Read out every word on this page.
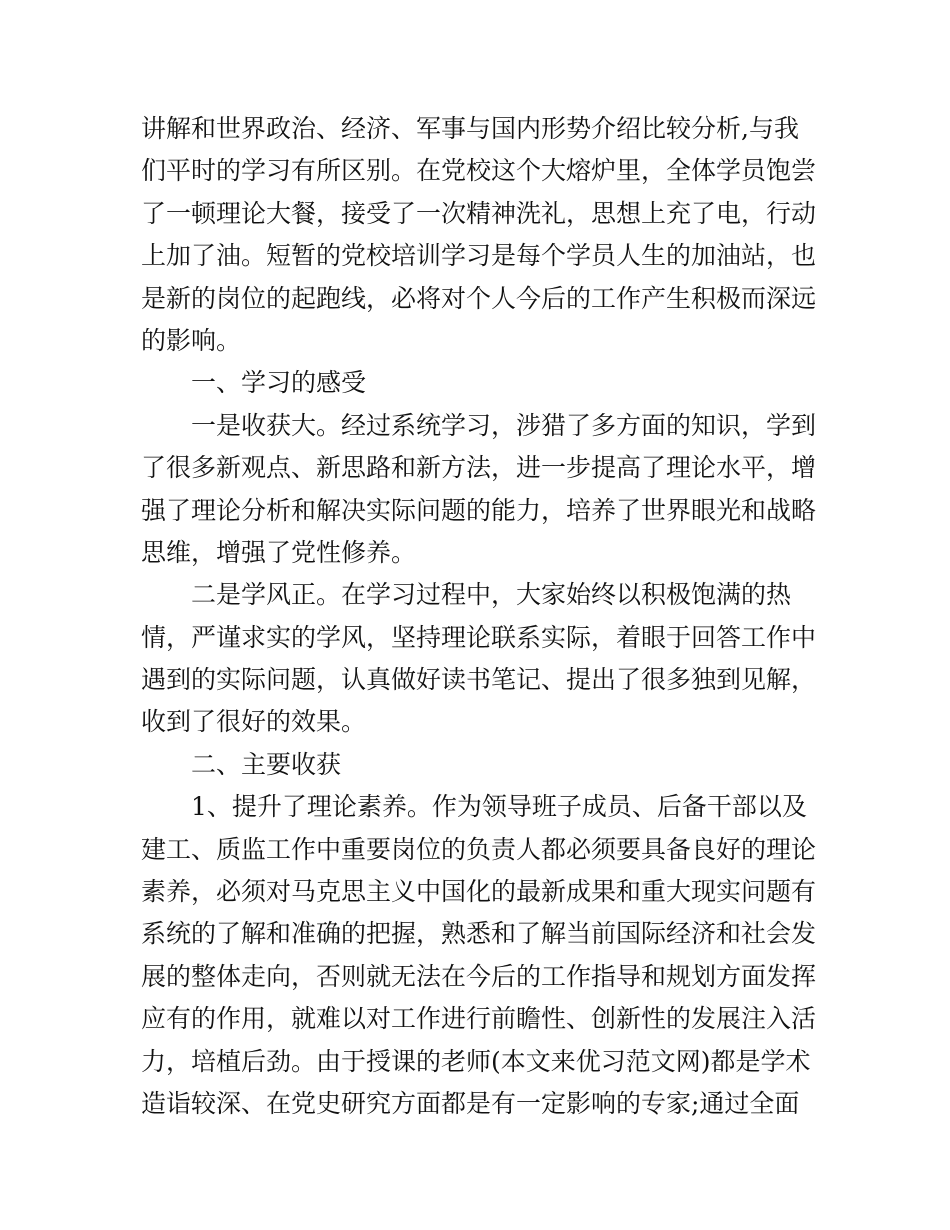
讲解和世界政治、经济、军事与国内形势介绍比较分析,与我
们平时的学习有所区别。在党校这个大熔炉里，全体学员饱尝
了一顿理论大餐，接受了一次精神洗礼，思想上充了电，行动
上加了油。短暂的党校培训学习是每个学员人生的加油站，也
是新的岗位的起跑线，必将对个人今后的工作产生积极而深远
的影响。
一、学习的感受
一是收获大。经过系统学习，涉猎了多方面的知识，学到
了很多新观点、新思路和新方法，进一步提高了理论水平，增
强了理论分析和解决实际问题的能力，培养了世界眼光和战略
思维，增强了党性修养。
二是学风正。在学习过程中，大家始终以积极饱满的热
情，严谨求实的学风，坚持理论联系实际，着眼于回答工作中
遇到的实际问题，认真做好读书笔记、提出了很多独到见解，
收到了很好的效果。
二、主要收获
1、提升了理论素养。作为领导班子成员、后备干部以及
建工、质监工作中重要岗位的负责人都必须要具备良好的理论
素养，必须对马克思主义中国化的最新成果和重大现实问题有
系统的了解和准确的把握，熟悉和了解当前国际经济和社会发
展的整体走向，否则就无法在今后的工作指导和规划方面发挥
应有的作用，就难以对工作进行前瞻性、创新性的发展注入活
力，培植后劲。由于授课的老师(本文来优习范文网)都是学术
造诣较深、在党史研究方面都是有一定影响的专家;通过全面
